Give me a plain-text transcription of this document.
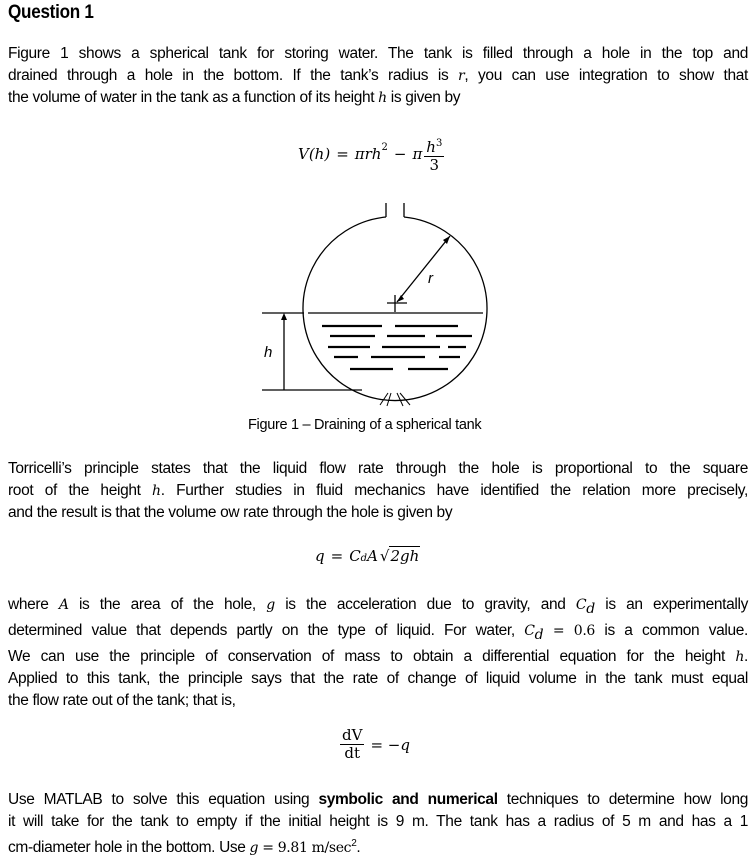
Question 1
Figure 1 shows a spherical tank for storing water. The tank is filled through a hole in the top and
drained through a hole in the bottom. If the tank’s radius is r, you can use integration to show that
the volume of water in the tank as a function of its height h is given by
V(h) = πrh$^2$ − π $\frac{h^3}{3}$
r
h
Figure 1 – Draining of a spherical tank
Torricelli’s principle states that the liquid flow rate through the hole is proportional to the square
root of the height h. Further studies in fluid mechanics have identified the relation more precisely,
and the result is that the volume ow rate through the hole is given by
q = C d A √ 2gh
where A is the area of the hole, g is the acceleration due to gravity, and $C_d$ is an experimentally
determined value that depends partly on the type of liquid. For water, $C_d = 0.6$ is a common value.
We can use the principle of conservation of mass to obtain a differential equation for the height h.
Applied to this tank, the principle says that the rate of change of liquid volume in the tank must equal
the flow rate out of the tank; that is,
$\frac{dV}{dt} = -q$
Use MATLAB to solve this equation using symbolic and numerical techniques to determine how long
it will take for the tank to empty if the initial height is 9 m. The tank has a radius of 5 m and has a 1
cm-diameter hole in the bottom. Use g = 9.81 $m/\sec^2$.
